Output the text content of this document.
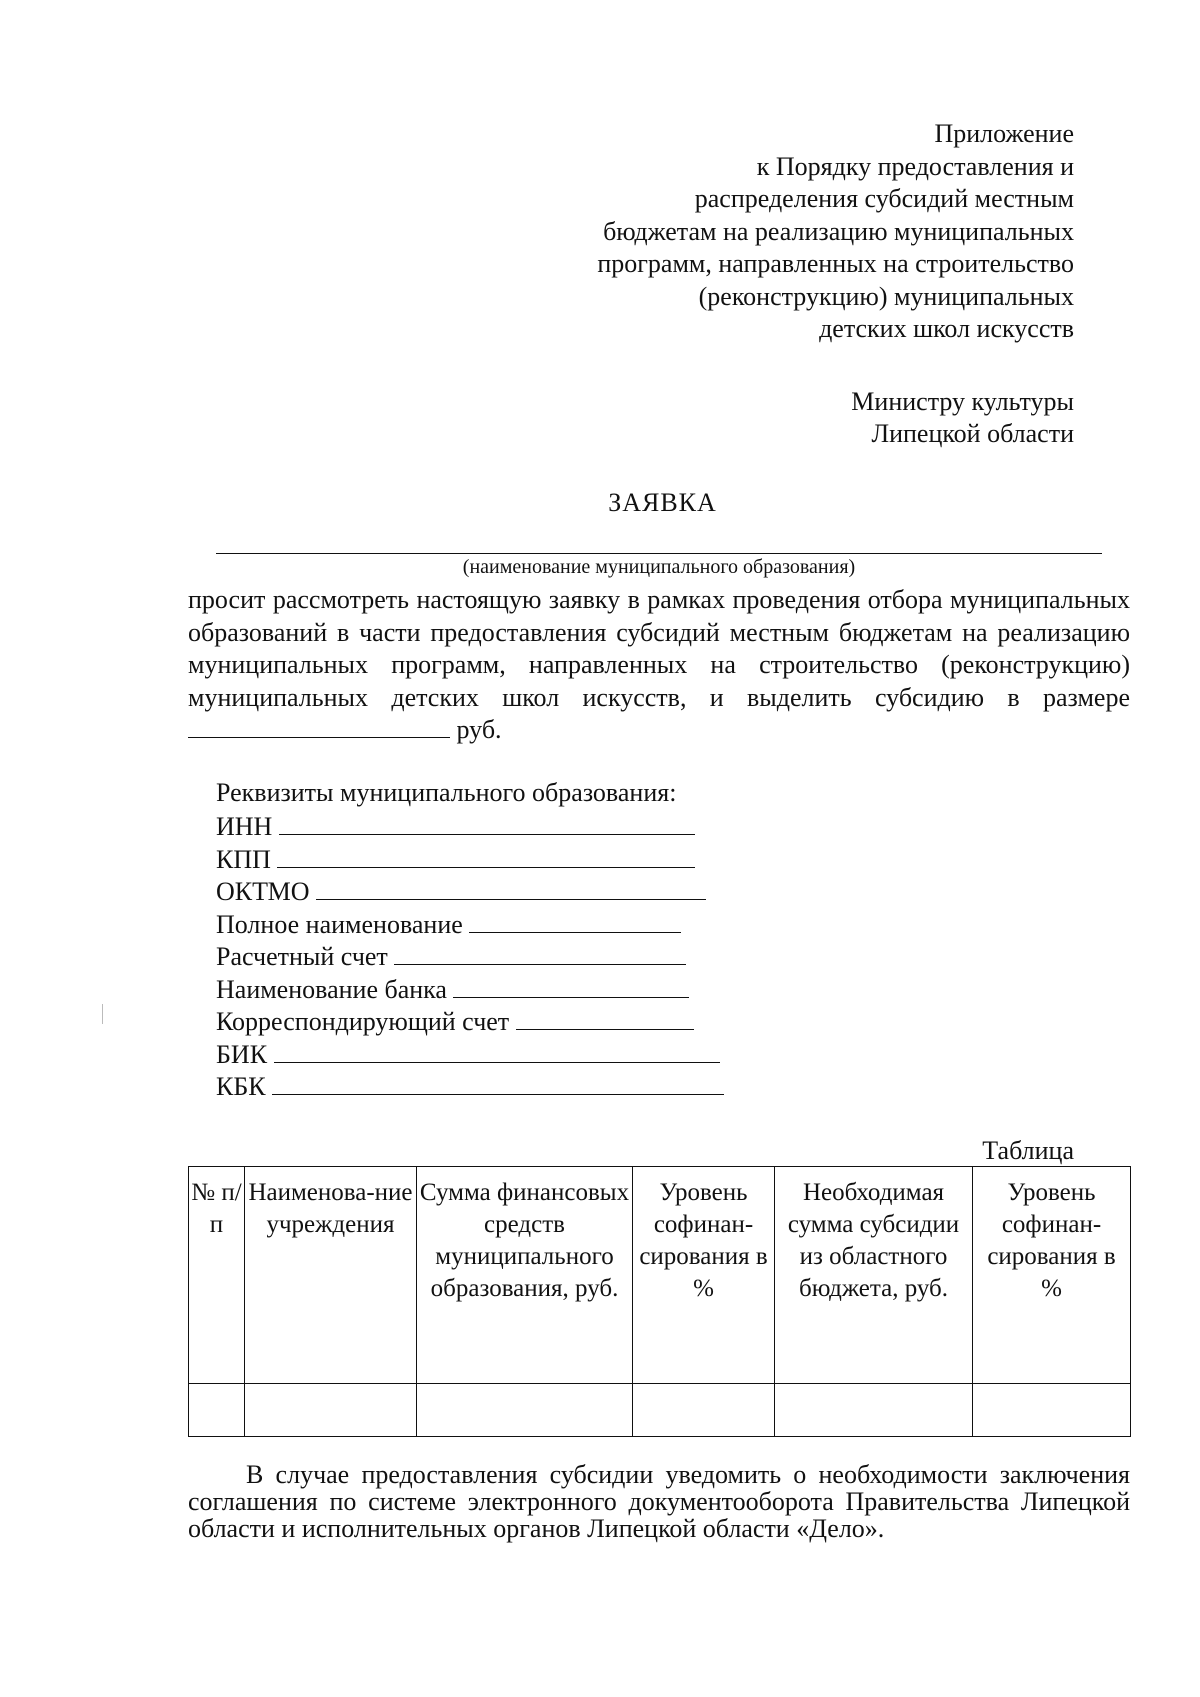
Приложение
к Порядку предоставления и
распределения субсидий местным
бюджетам на реализацию муниципальных
программ, направленных на строительство
(реконструкцию) муниципальных
детских школ искусств
Министру культуры
Липецкой области
ЗАЯВКА
(наименование муниципального образования)
просит рассмотреть настоящую заявку в рамках проведения отбора муниципальных образований в части предоставления субсидий местным бюджетам на реализацию муниципальных программ, направленных на строительство (реконструкцию) муниципальных детских школ искусств, и выделить субсидию в размере  руб.
Реквизиты муниципального образования:
ИНН
КПП
ОКТМО
Полное наименование
Расчетный счет
Наименование банка
Корреспондирующий счет
БИК
КБК
Таблица
№ п/п	Наименова-ние учреждения	Сумма финансовых средств муниципального образования, руб.	Уровень софинан-сирования в %	Необходимая сумма субсидии из областного бюджета, руб.	Уровень софинан-сирования в %

В случае предоставления субсидии уведомить о необходимости заключения соглашения по системе электронного документооборота Правительства Липецкой области и исполнительных органов Липецкой области «Дело».
